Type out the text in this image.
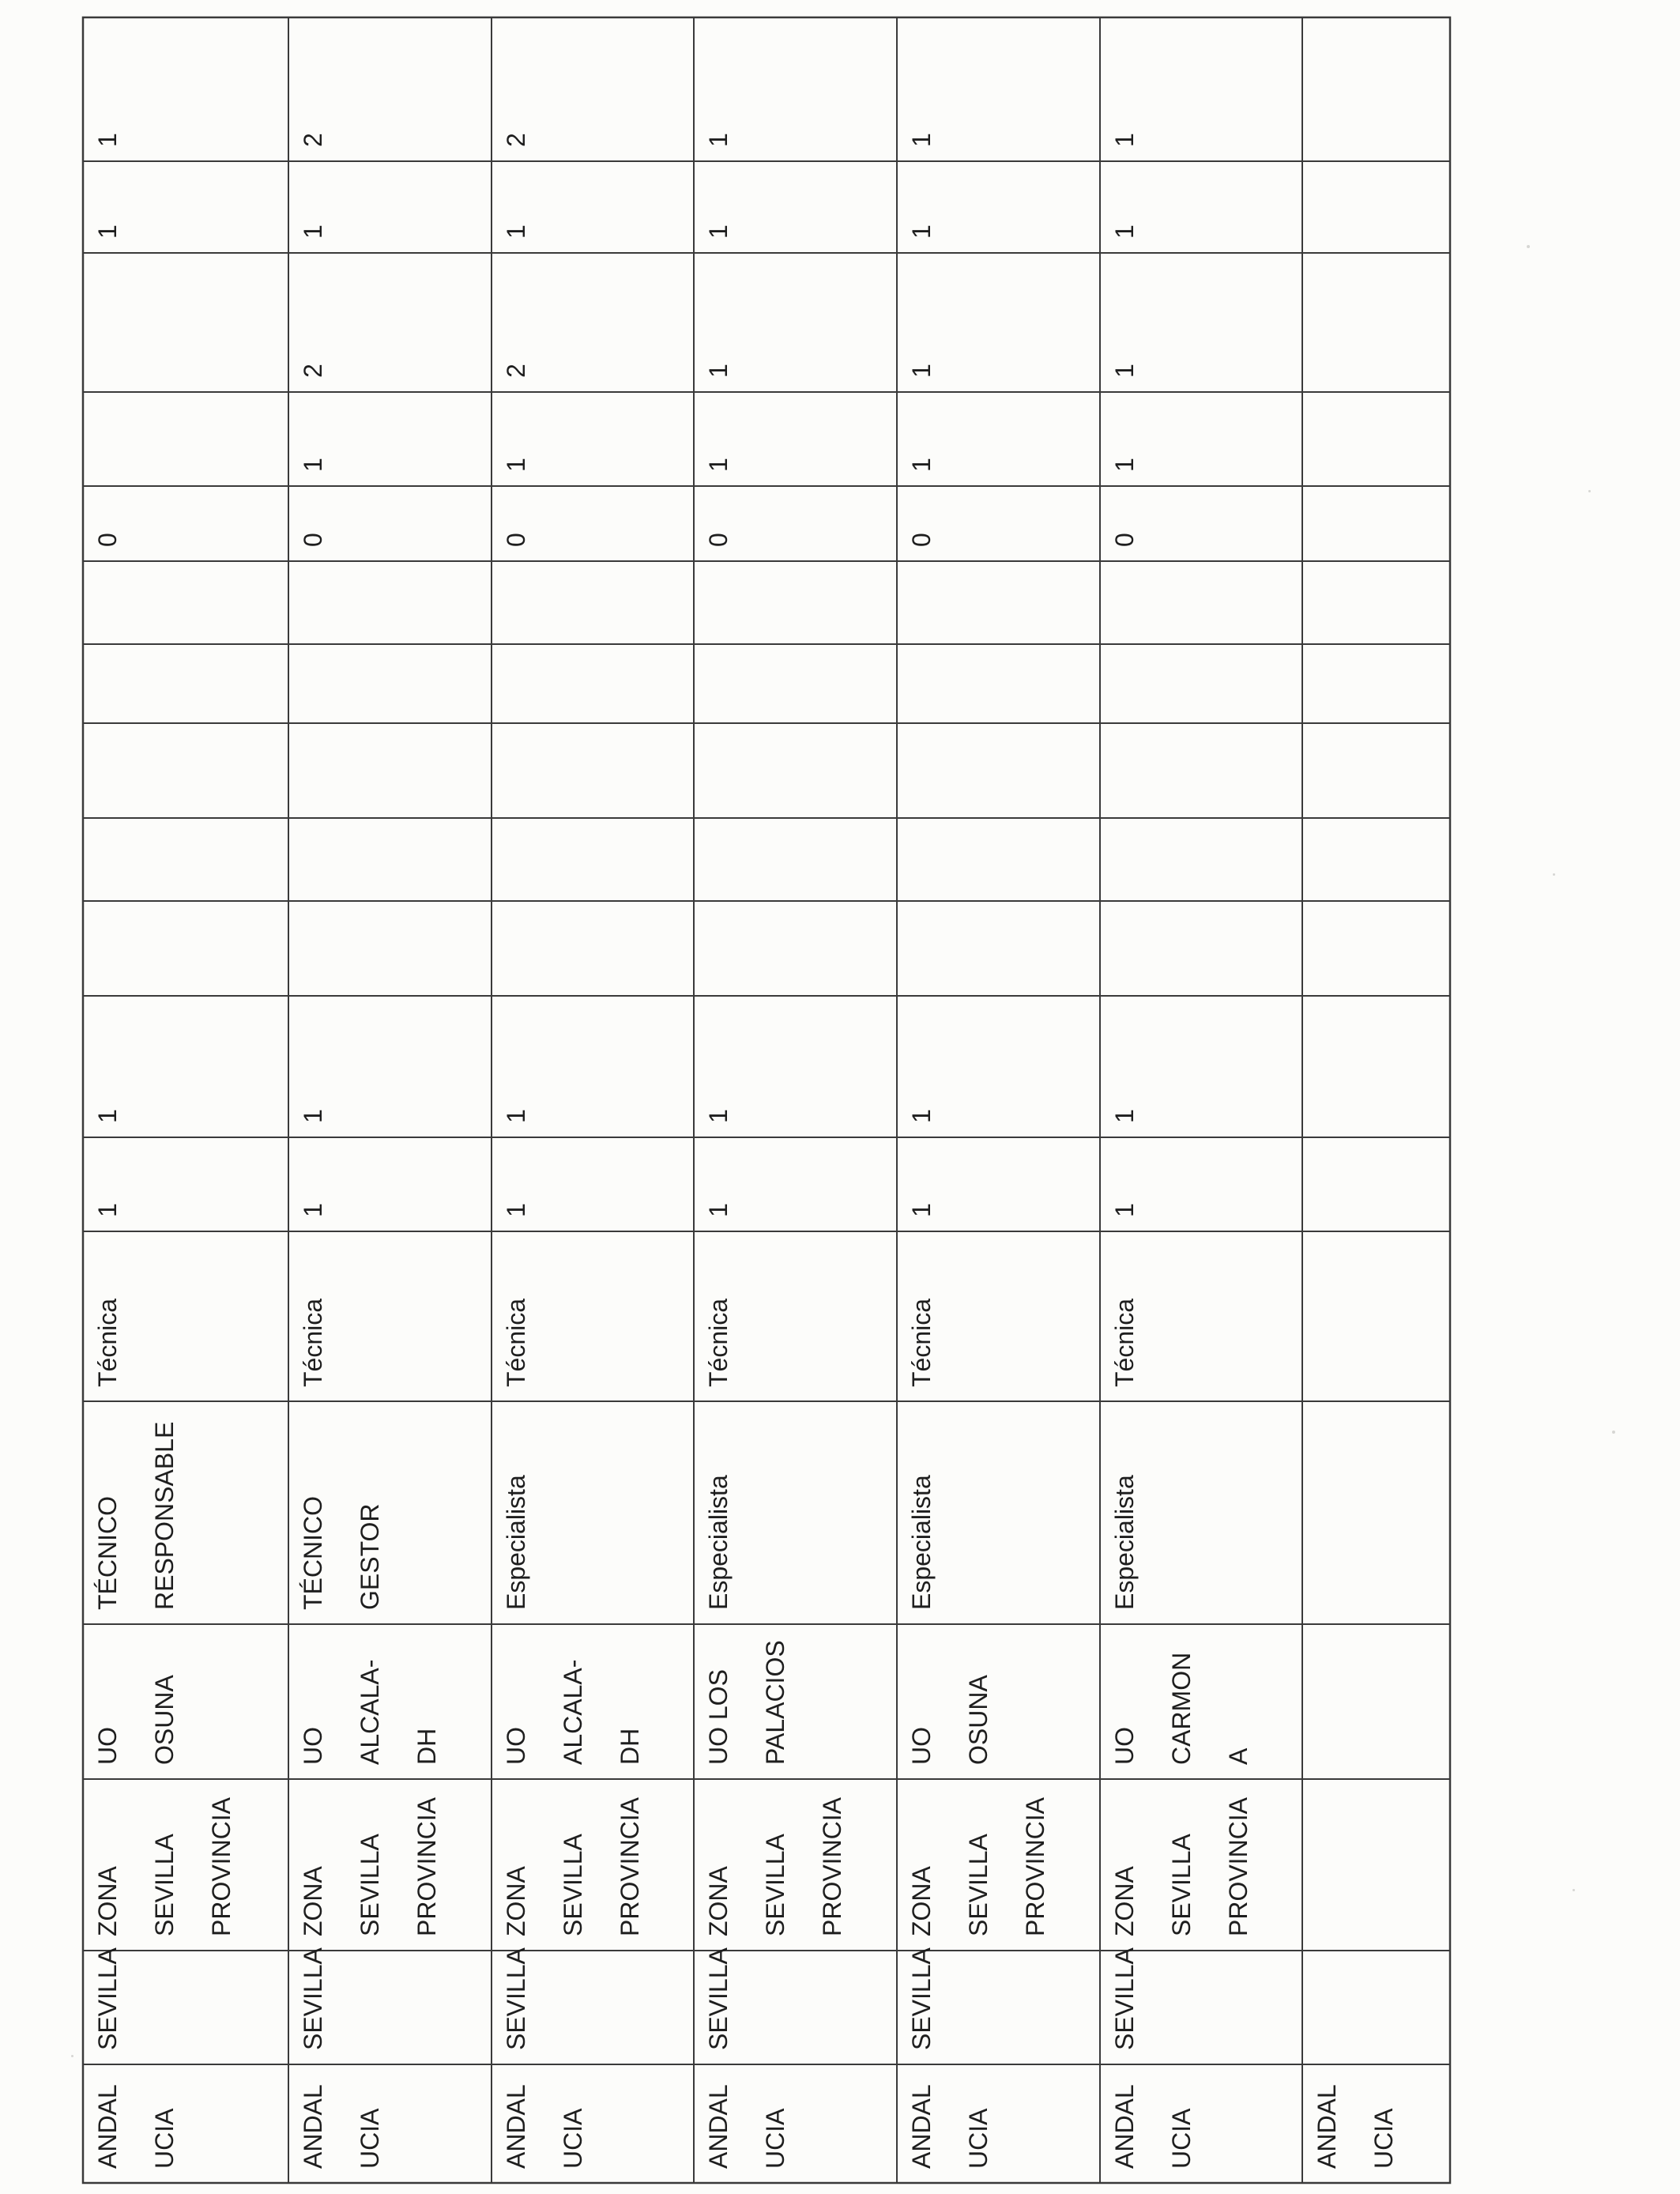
ANDAL UCIA
SEVILLA
ZONA SEVILLA PROVINCIA
UO OSUNA
TÉCNICO RESPONSABLE
Técnica
1
1
0
1
1
ANDAL UCIA
SEVILLA
ZONA SEVILLA PROVINCIA
UO ALCALA- DH
TÉCNICO GESTOR
Técnica
1
1
0
1
2
1
2
ANDAL UCIA
SEVILLA
ZONA SEVILLA PROVINCIA
UO ALCALA- DH
Especialista
Técnica
1
1
0
1
2
1
2
ANDAL UCIA
SEVILLA
ZONA SEVILLA PROVINCIA
UO LOS PALACIOS
Especialista
Técnica
1
1
0
1
1
1
1
ANDAL UCIA
SEVILLA
ZONA SEVILLA PROVINCIA
UO OSUNA
Especialista
Técnica
1
1
0
1
1
1
1
ANDAL UCIA
SEVILLA
ZONA SEVILLA PROVINCIA
UO CARMON A
Especialista
Técnica
1
1
0
1
1
1
1
ANDAL UCIA
